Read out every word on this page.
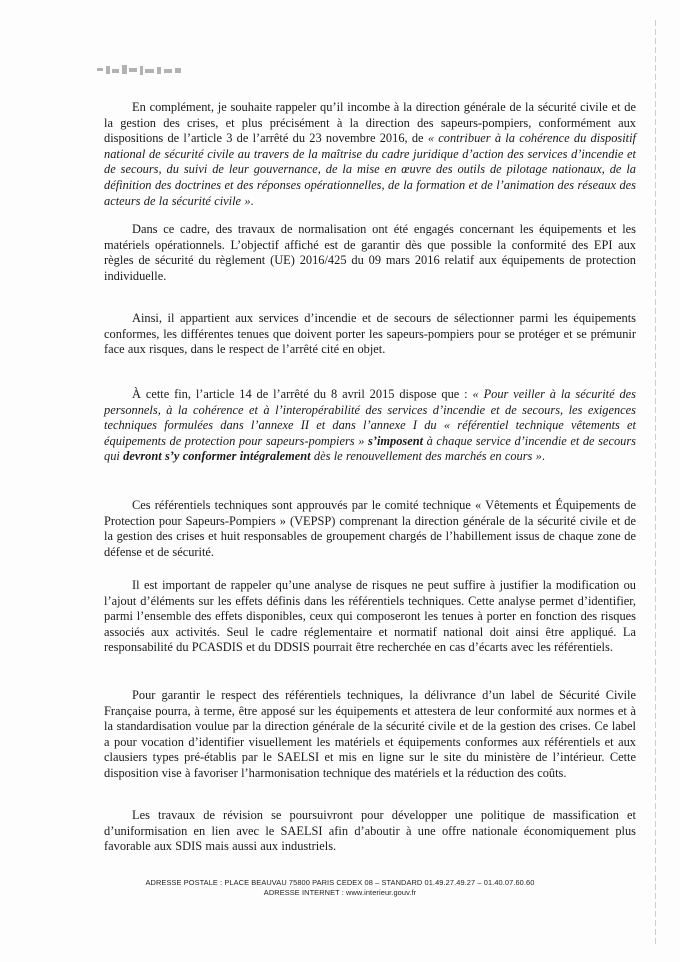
En complément, je souhaite rappeler qu’il incombe à la direction générale de la sécurité civile et de la gestion des crises, et plus précisément à la direction des sapeurs-pompiers, conformément aux dispositions de l’article 3 de l’arrêté du 23 novembre 2016, de « contribuer à la cohérence du dispositif national de sécurité civile au travers de la maîtrise du cadre juridique d’action des services d’incendie et de secours, du suivi de leur gouvernance, de la mise en œuvre des outils de pilotage nationaux, de la définition des doctrines et des réponses opérationnelles, de la formation et de l’animation des réseaux des acteurs de la sécurité civile ».

Dans ce cadre, des travaux de normalisation ont été engagés concernant les équipements et les matériels opérationnels. L’objectif affiché est de garantir dès que possible la conformité des EPI aux règles de sécurité du règlement (UE) 2016/425 du 09 mars 2016 relatif aux équipements de protection individuelle.

Ainsi, il appartient aux services d’incendie et de secours de sélectionner parmi les équipements conformes, les différentes tenues que doivent porter les sapeurs-pompiers pour se protéger et se prémunir face aux risques, dans le respect de l’arrêté cité en objet.

À cette fin, l’article 14 de l’arrêté du 8 avril 2015 dispose que : « Pour veiller à la sécurité des personnels, à la cohérence et à l’interopérabilité des services d’incendie et de secours, les exigences techniques formulées dans l’annexe II et dans l’annexe I du « référentiel technique vêtements et équipements de protection pour sapeurs-pompiers » s’imposent à chaque service d’incendie et de secours qui devront s’y conformer intégralement dès le renouvellement des marchés en cours ».

Ces référentiels techniques sont approuvés par le comité technique « Vêtements et Équipements de Protection pour Sapeurs-Pompiers » (VEPSP) comprenant la direction générale de la sécurité civile et de la gestion des crises et huit responsables de groupement chargés de l’habillement issus de chaque zone de défense et de sécurité.

Il est important de rappeler qu’une analyse de risques ne peut suffire à justifier la modification ou l’ajout d’éléments sur les effets définis dans les référentiels techniques. Cette analyse permet d’identifier, parmi l’ensemble des effets disponibles, ceux qui composeront les tenues à porter en fonction des risques associés aux activités. Seul le cadre réglementaire et normatif national doit ainsi être appliqué. La responsabilité du PCASDIS et du DDSIS pourrait être recherchée en cas d’écarts avec les référentiels.

Pour garantir le respect des référentiels techniques, la délivrance d’un label de Sécurité Civile Française pourra, à terme, être apposé sur les équipements et attestera de leur conformité aux normes et à la standardisation voulue par la direction générale de la sécurité civile et de la gestion des crises. Ce label a pour vocation d’identifier visuellement les matériels et équipements conformes aux référentiels et aux clausiers types pré-établis par le SAELSI et mis en ligne sur le site du ministère de l’intérieur. Cette disposition vise à favoriser l’harmonisation technique des matériels et la réduction des coûts.

Les travaux de révision se poursuivront pour développer une politique de massification et d’uniformisation en lien avec le SAELSI afin d’aboutir à une offre nationale économiquement plus favorable aux SDIS mais aussi aux industriels.

ADRESSE POSTALE : PLACE BEAUVAU 75800 PARIS CEDEX 08 – STANDARD 01.49.27.49.27 – 01.40.07.60.60
ADRESSE INTERNET : www.interieur.gouv.fr
